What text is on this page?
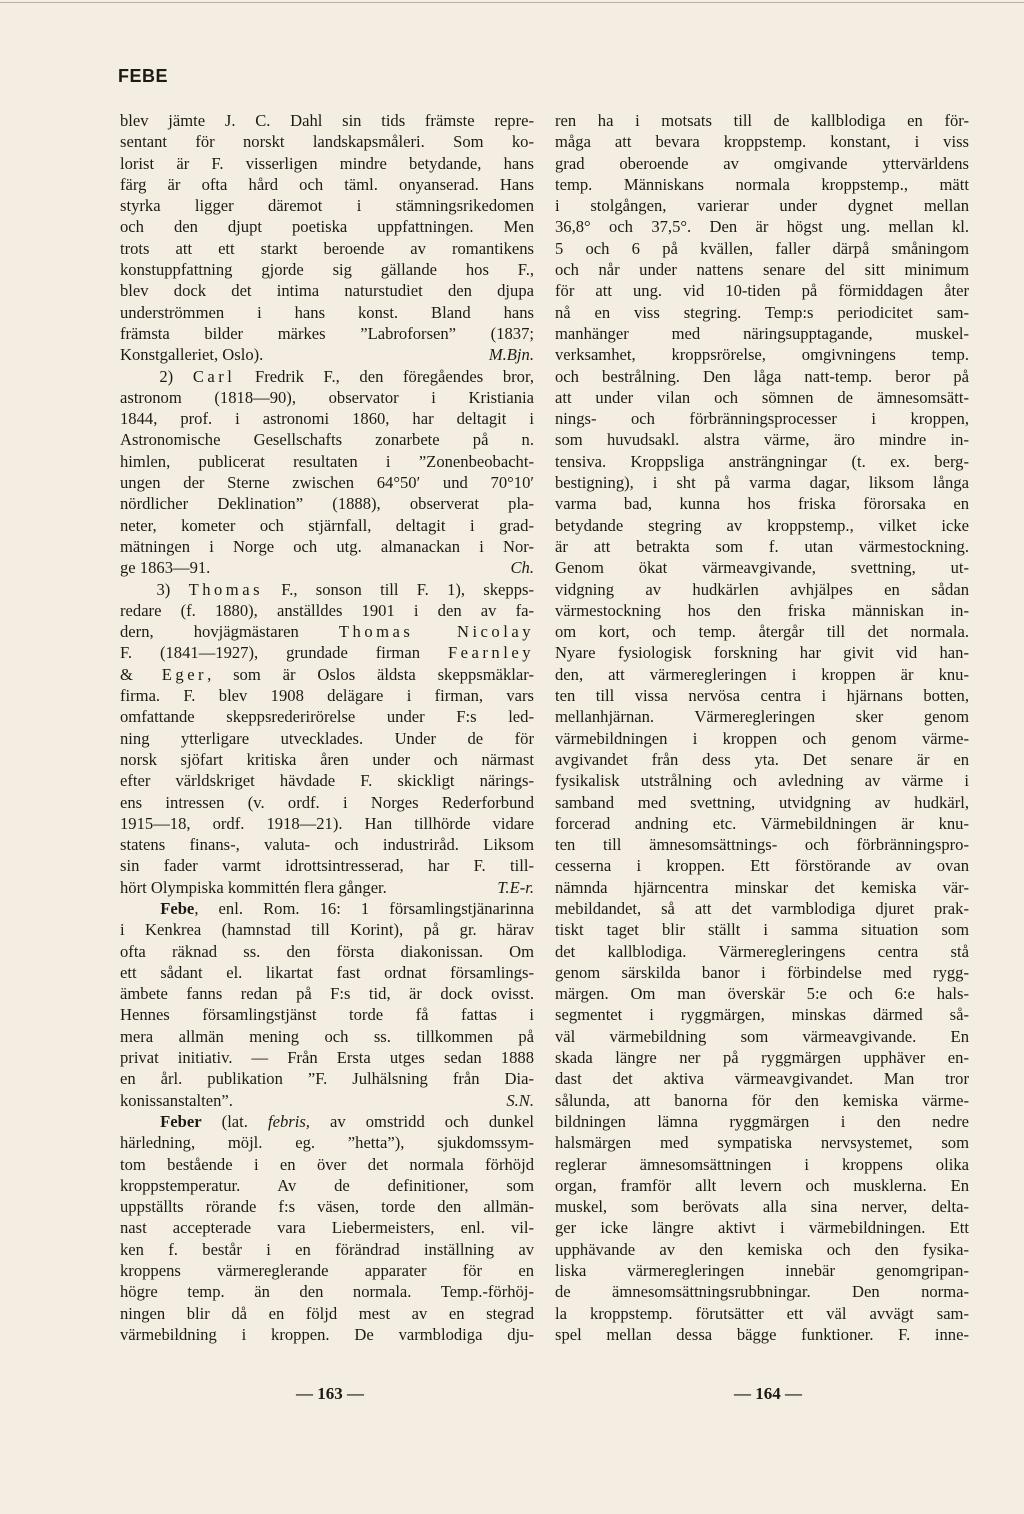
FEBE
blev jämte J. C. Dahl sin tids främste repre-
sentant för norskt landskapsmåleri. Som ko-
lorist är F. visserligen mindre betydande, hans
färg är ofta hård och täml. onyanserad. Hans
styrka ligger däremot i stämningsrikedomen
och den djupt poetiska uppfattningen. Men
trots att ett starkt beroende av romantikens
konstuppfattning gjorde sig gällande hos F.,
blev dock det intima naturstudiet den djupa
underströmmen i hans konst. Bland hans
främsta bilder märkes ”Labroforsen” (1837;
Konstgalleriet, Oslo).	M.Bjn.
2) Carl Fredrik F., den föregåendes bror,
astronom (1818—90), observator i Kristiania
1844, prof. i astronomi 1860, har deltagit i
Astronomische Gesellschafts zonarbete på n.
himlen, publicerat resultaten i ”Zonenbeobacht-
ungen der Sterne zwischen 64°50′ und 70°10′
nördlicher Deklination” (1888), observerat pla-
neter, kometer och stjärnfall, deltagit i grad-
mätningen i Norge och utg. almanackan i Nor-
ge 1863—91.	Ch.
3) Thomas F., sonson till F. 1), skepps-
redare (f. 1880), anställdes 1901 i den av fa-
dern, hovjägmästaren Thomas Nicolay
F. (1841—1927), grundade firman Fearnley
& Eger, som är Oslos äldsta skeppsmäklar-
firma. F. blev 1908 delägare i firman, vars
omfattande skeppsrederirörelse under F:s led-
ning ytterligare utvecklades. Under de för
norsk sjöfart kritiska åren under och närmast
efter världskriget hävdade F. skickligt närings-
ens intressen (v. ordf. i Norges Rederforbund
1915—18, ordf. 1918—21). Han tillhörde vidare
statens finans-, valuta- och industriråd. Liksom
sin fader varmt idrottsintresserad, har F. till-
hört Olympiska kommittén flera gånger.	T.E-r.
Febe, enl. Rom. 16: 1 församlingstjänarinna
i Kenkrea (hamnstad till Korint), på gr. härav
ofta räknad ss. den första diakonissan. Om
ett sådant el. likartat fast ordnat församlings-
ämbete fanns redan på F:s tid, är dock ovisst.
Hennes församlingstjänst torde få fattas i
mera allmän mening och ss. tillkommen på
privat initiativ. — Från Ersta utges sedan 1888
en årl. publikation ”F. Julhälsning från Dia-
konissanstalten”.	S.N.
Feber (lat. febris, av omstridd och dunkel
härledning, möjl. eg. ”hetta”), sjukdomssym-
tom bestående i en över det normala förhöjd
kroppstemperatur. Av de definitioner, som
uppställts rörande f:s väsen, torde den allmän-
nast accepterade vara Liebermeisters, enl. vil-
ken f. består i en förändrad inställning av
kroppens värmereglerande apparater för en
högre temp. än den normala. Temp.-förhöj-
ningen blir då en följd mest av en stegrad
värmebildning i kroppen. De varmblodiga dju-
ren ha i motsats till de kallblodiga en för-
måga att bevara kroppstemp. konstant, i viss
grad oberoende av omgivande yttervärldens
temp. Människans normala kroppstemp., mätt
i stolgången, varierar under dygnet mellan
36,8° och 37,5°. Den är högst ung. mellan kl.
5 och 6 på kvällen, faller därpå småningom
och når under nattens senare del sitt minimum
för att ung. vid 10-tiden på förmiddagen åter
nå en viss stegring. Temp:s periodicitet sam-
manhänger med näringsupptagande, muskel-
verksamhet, kroppsrörelse, omgivningens temp.
och bestrålning. Den låga natt-temp. beror på
att under vilan och sömnen de ämnesomsätt-
nings- och förbränningsprocesser i kroppen,
som huvudsakl. alstra värme, äro mindre in-
tensiva. Kroppsliga ansträngningar (t. ex. berg-
bestigning), i sht på varma dagar, liksom långa
varma bad, kunna hos friska förorsaka en
betydande stegring av kroppstemp., vilket icke
är att betrakta som f. utan värmestockning.
Genom ökat värmeavgivande, svettning, ut-
vidgning av hudkärlen avhjälpes en sådan
värmestockning hos den friska människan in-
om kort, och temp. återgår till det normala.
Nyare fysiologisk forskning har givit vid han-
den, att värmeregleringen i kroppen är knu-
ten till vissa nervösa centra i hjärnans botten,
mellanhjärnan. Värmeregleringen sker genom
värmebildningen i kroppen och genom värme-
avgivandet från dess yta. Det senare är en
fysikalisk utstrålning och avledning av värme i
samband med svettning, utvidgning av hudkärl,
forcerad andning etc. Värmebildningen är knu-
ten till ämnesomsättnings- och förbränningspro-
cesserna i kroppen. Ett förstörande av ovan
nämnda hjärncentra minskar det kemiska vär-
mebildandet, så att det varmblodiga djuret prak-
tiskt taget blir ställt i samma situation som
det kallblodiga. Värmeregleringens centra stå
genom särskilda banor i förbindelse med rygg-
märgen. Om man överskär 5:e och 6:e hals-
segmentet i ryggmärgen, minskas därmed så-
väl värmebildning som värmeavgivande. En
skada längre ner på ryggmärgen upphäver en-
dast det aktiva värmeavgivandet. Man tror
sålunda, att banorna för den kemiska värme-
bildningen lämna ryggmärgen i den nedre
halsmärgen med sympatiska nervsystemet, som
reglerar ämnesomsättningen i kroppens olika
organ, framför allt levern och musklerna. En
muskel, som berövats alla sina nerver, delta-
ger icke längre aktivt i värmebildningen. Ett
upphävande av den kemiska och den fysika-
liska värmeregleringen innebär genomgripan-
de ämnesomsättningsrubbningar. Den norma-
la kroppstemp. förutsätter ett väl avvägt sam-
spel mellan dessa bägge funktioner. F. inne-
— 163 —	— 164 —
